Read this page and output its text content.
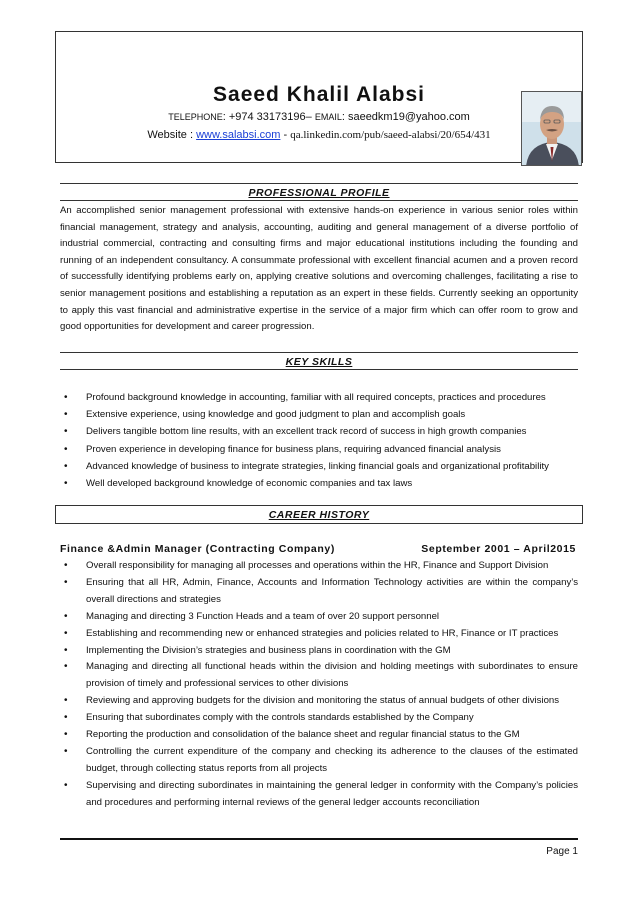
Saeed Khalil Alabsi
TELEPHONE: +974 33173196– EMAIL: saeedkm19@yahoo.com
Website : www.salabsi.com - qa.linkedin.com/pub/saeed-alabsi/20/654/431
PROFESSIONAL PROFILE
An accomplished senior management professional with extensive hands-on experience in various senior roles within financial management, strategy and analysis, accounting, auditing and general management of a diverse portfolio of industrial commercial, contracting and consulting firms and major educational institutions including the founding and running of an independent consultancy. A consummate professional with excellent financial acumen and a proven record of successfully identifying problems early on, applying creative solutions and overcoming challenges, facilitating a rise to senior management positions and establishing a reputation as an expert in these fields. Currently seeking an opportunity to apply this vast financial and administrative expertise in the service of a major firm which can offer room to grow and good opportunities for development and career progression.
KEY SKILLS
• Profound background knowledge in accounting, familiar with all required concepts, practices and procedures
• Extensive experience, using knowledge and good judgment to plan and accomplish goals
• Delivers tangible bottom line results, with an excellent track record of success in high growth companies
• Proven experience in developing finance for business plans, requiring advanced financial analysis
• Advanced knowledge of business to integrate strategies, linking financial goals and organizational profitability
• Well developed background knowledge of economic companies and tax laws
CAREER HISTORY
Finance &Admin Manager (Contracting Company)	September 2001 – April2015
• Overall responsibility for managing all processes and operations within the HR, Finance and Support Division
• Ensuring that all HR, Admin, Finance, Accounts and Information Technology activities are within the company’s overall directions and strategies
• Managing and directing 3 Function Heads and a team of over 20 support personnel
• Establishing and recommending new or enhanced strategies and policies related to HR, Finance or IT practices
• Implementing the Division’s strategies and business plans in coordination with the GM
• Managing and directing all functional heads within the division and holding meetings with subordinates to ensure provision of timely and professional services to other divisions
• Reviewing and approving budgets for the division and monitoring the status of annual budgets of other divisions
• Ensuring that subordinates comply with the controls standards established by the Company
• Reporting the production and consolidation of the balance sheet and regular financial status to the GM
• Controlling the current expenditure of the company and checking its adherence to the clauses of the estimated budget, through collecting status reports from all projects
• Supervising and directing subordinates in maintaining the general ledger in conformity with the Company’s policies and procedures and performing internal reviews of the general ledger accounts reconciliation
Page 1
